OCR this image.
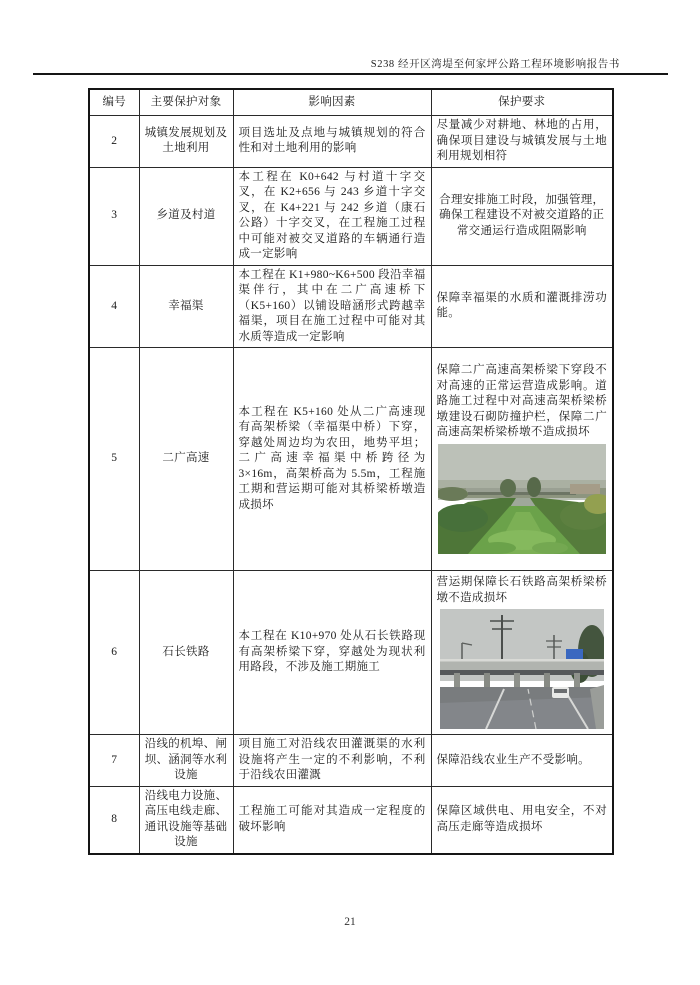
S238 经开区湾堤至何家坪公路工程环境影响报告书
编号	主要保护对象	影响因素	保护要求
2	城镇发展规划及土地利用	项目选址及点地与城镇规划的符合性和对土地利用的影响	尽量减少对耕地、林地的占用，确保项目建设与城镇发展与土地利用规划相符
3	乡道及村道	本工程在 K0+642 与村道十字交叉，在 K2+656 与 243 乡道十字交叉，在 K4+221 与 242 乡道（康石公路）十字交叉，在工程施工过程中可能对被交叉道路的车辆通行造成一定影响	合理安排施工时段，加强管理，确保工程建设不对被交道路的正常交通运行造成阻隔影响
4	幸福渠	本工程在 K1+980~K6+500 段沿幸福渠伴行，其中在二广高速桥下（K5+160）以铺设暗涵形式跨越幸福渠，项目在施工过程中可能对其水质等造成一定影响	保障幸福渠的水质和灌溉排涝功能。
5	二广高速	本工程在 K5+160 处从二广高速现有高架桥梁（幸福渠中桥）下穿，穿越处周边均为农田，地势平坦；二广高速幸福渠中桥跨径为 3×16m，高架桥高为 5.5m，工程施工期和营运期可能对其桥梁桥墩造成损坏	保障二广高速高架桥梁下穿段不对高速的正常运营造成影响。道路施工过程中对高速高架桥梁桥墩建设石砌防撞护栏，保障二广高速高架桥梁桥墩不造成损坏

6	石长铁路	本工程在 K10+970 处从石长铁路现有高架桥梁下穿，穿越处为现状利用路段，不涉及施工期施工	营运期保障长石铁路高架桥梁桥墩不造成损坏

7	沿线的机埠、闸坝、涵洞等水利设施	项目施工对沿线农田灌溉渠的水利设施将产生一定的不利影响，不利于沿线农田灌溉	保障沿线农业生产不受影响。
8	沿线电力设施、高压电线走廊、通讯设施等基础设施	工程施工可能对其造成一定程度的破坏影响	保障区域供电、用电安全，不对高压走廊等造成损坏
21
